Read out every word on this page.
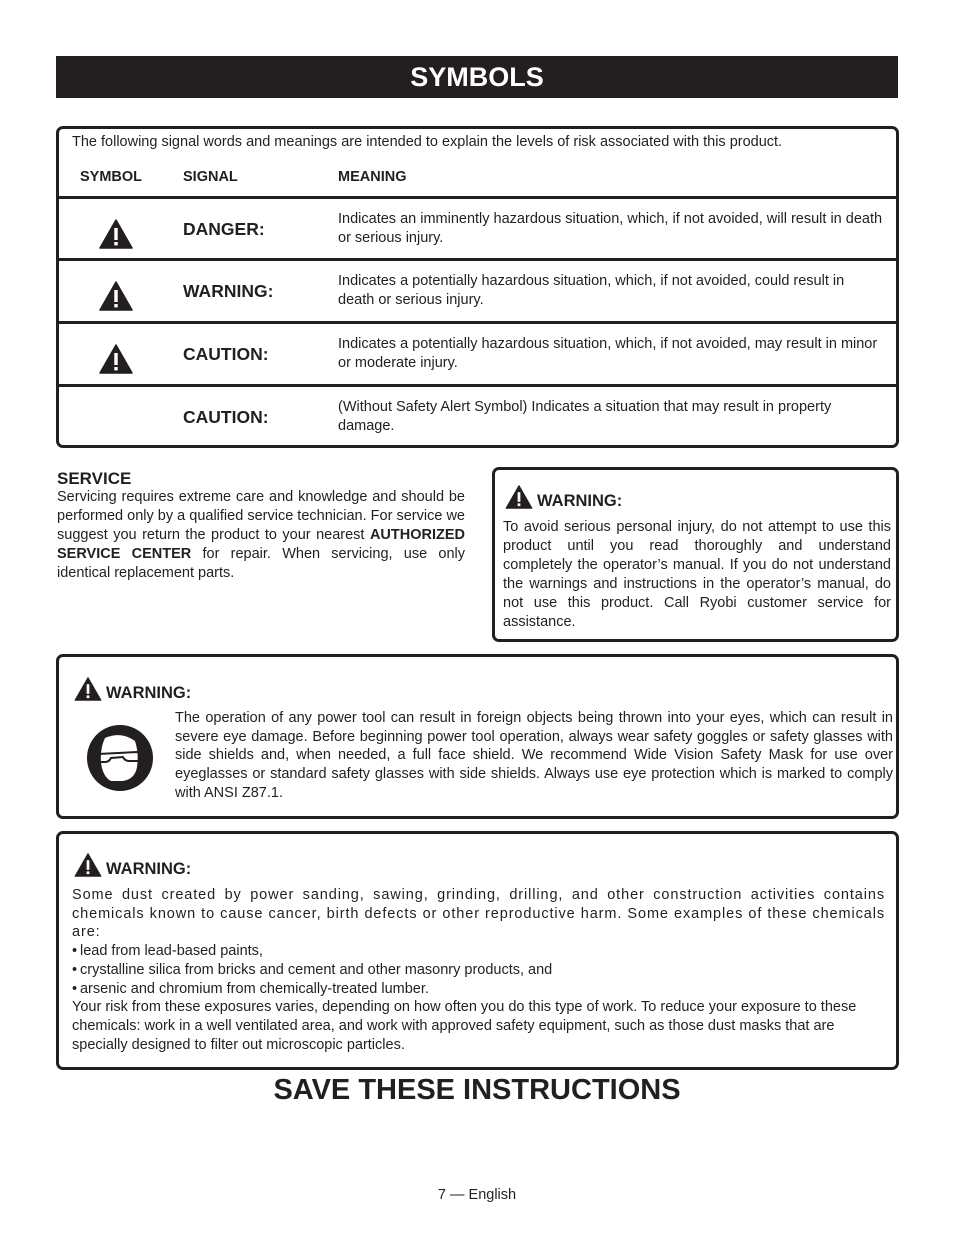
SYMBOLS
The following signal words and meanings are intended to explain the levels of risk associated with this product.
SYMBOL	SIGNAL	MEANING
DANGER:	Indicates an imminently hazardous situation, which, if not avoided, will result in death or serious injury.
WARNING:	Indicates a potentially hazardous situation, which, if not avoided, could result in death or serious injury.
CAUTION:	Indicates a potentially hazardous situation, which, if not avoided, may result in minor or moderate injury.
CAUTION:	(Without Safety Alert Symbol) Indicates a situation that may result in property damage.
SERVICE
Servicing requires extreme care and knowledge and should be performed only by a qualified service technician. For service we suggest you return the product to your nearest AUTHORIZED SERVICE CENTER for repair. When servicing, use only identical replacement parts.
WARNING:
To avoid serious personal injury, do not attempt to use this product until you read thoroughly and understand completely the operator’s manual. If you do not understand the warnings and instructions in the operator’s manual, do not use this product. Call Ryobi customer service for assistance.
WARNING:
The operation of any power tool can result in foreign objects being thrown into your eyes, which can result in severe eye damage. Before beginning power tool operation, always wear safety goggles or safety glasses with side shields and, when needed, a full face shield. We recommend Wide Vision Safety Mask for use over eyeglasses or standard safety glasses with side shields. Always use eye protection which is marked to comply with ANSI Z87.1.
WARNING:
Some dust created by power sanding, sawing, grinding, drilling, and other construction activities contains chemicals known to cause cancer, birth defects or other reproductive harm. Some examples of these chemicals are:
• lead from lead-based paints,
• crystalline silica from bricks and cement and other masonry products, and
• arsenic and chromium from chemically-treated lumber.
Your risk from these exposures varies, depending on how often you do this type of work. To reduce your exposure to these chemicals: work in a well ventilated area, and work with approved safety equipment, such as those dust masks that are specially designed to filter out microscopic particles.
SAVE THESE INSTRUCTIONS
7 — English
